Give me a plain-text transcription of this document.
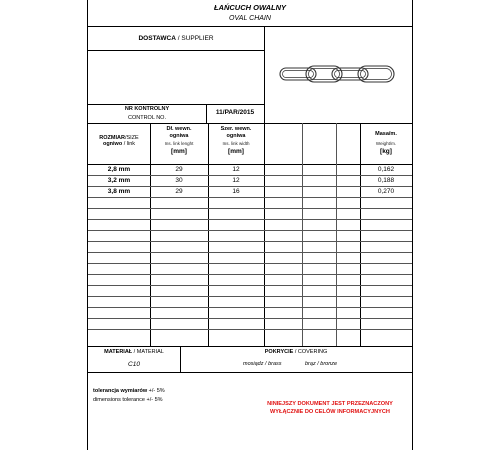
ŁAŃCUCH OWALNY
OVAL CHAIN
DOSTAWCA / SUPPLIER
NR KONTROLNY
CONTROL NO.
11/PAR/2015
ROZMIAR/SIZE
ogniwo / link
Dł. wewn.
ogniwa
Ins. link lenght
[mm]
Szer. wewn.
ogniwa
Ins. link width
[mm]
Masa/m.
Weight/m.
[kg]
2,8 mm	29	12	0,162
3,2 mm	30	12	0,188
3,8 mm	29	16	0,270
MATERIAŁ / MATERIAL
C10
POKRYCIE / COVERING
mosiądz / brass	brąz / bronze
tolerancja wymiarów +/- 5%
dimensions tolerance +/- 5%
NINIEJSZY DOKUMENT JEST PRZEZNACZONY
WYŁĄCZNIE DO CELÓW INFORMACYJNYCH
